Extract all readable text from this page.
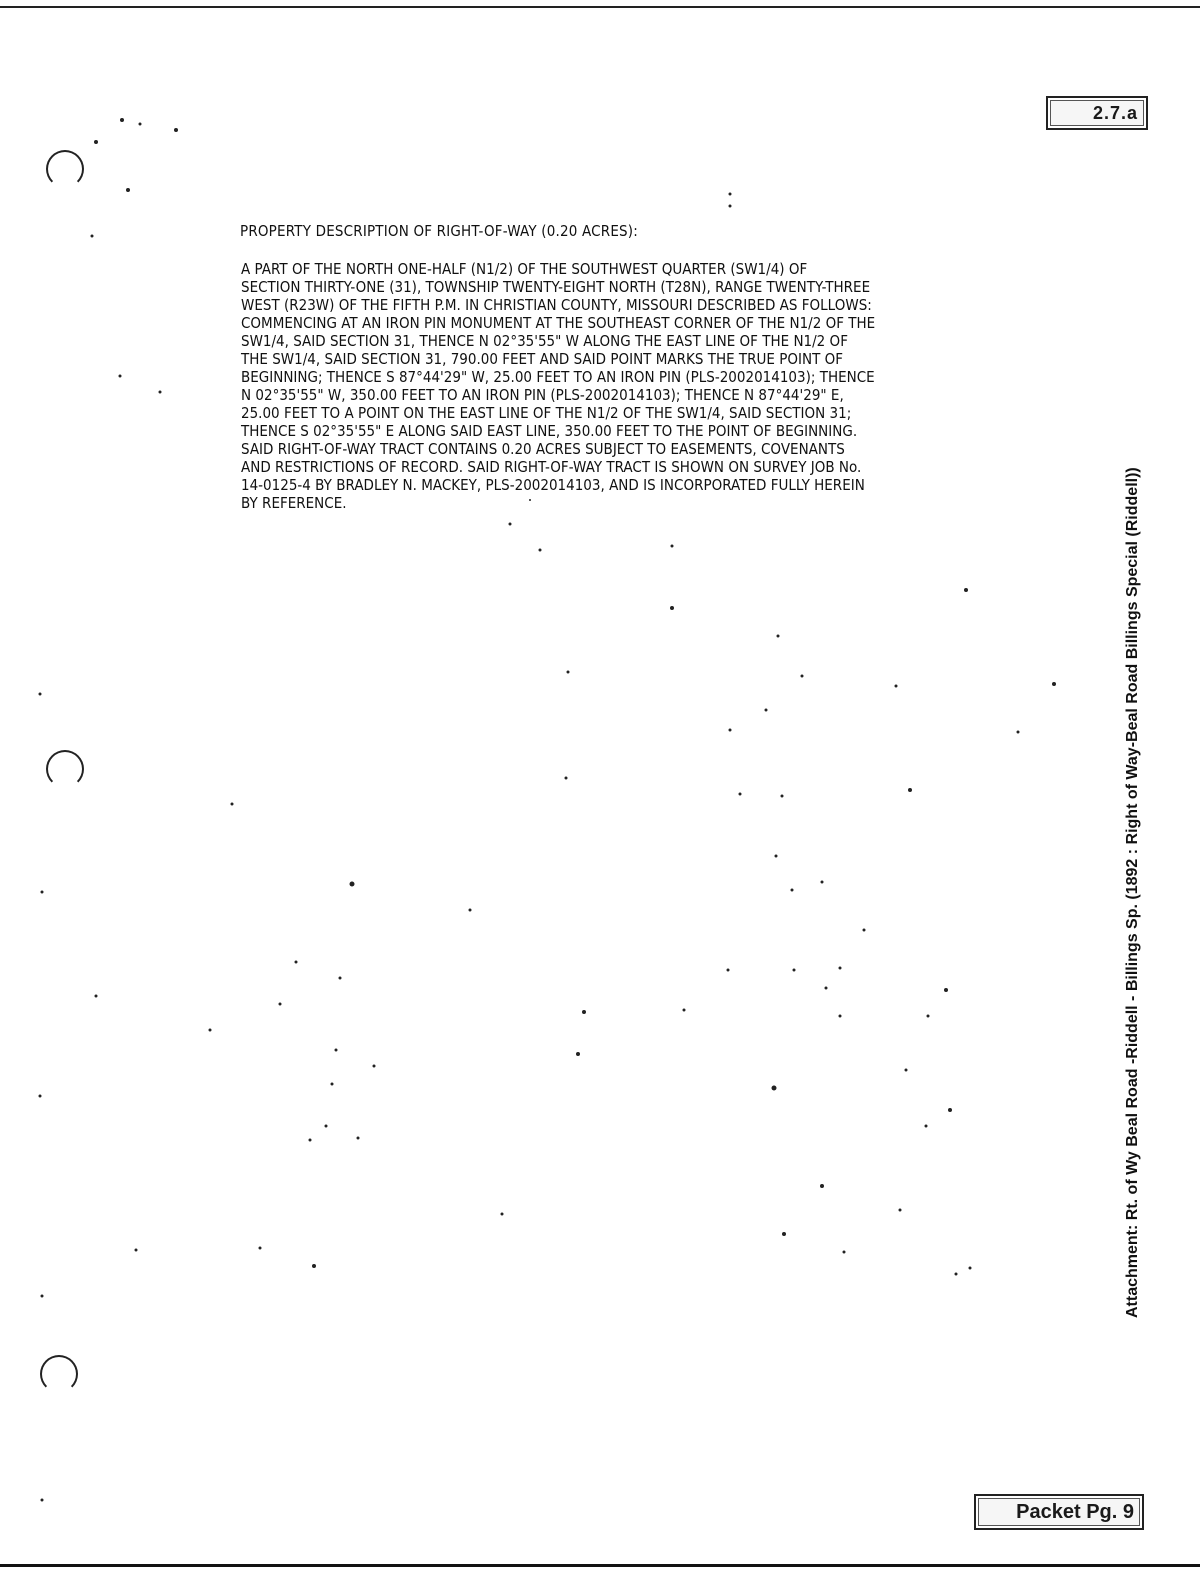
2.7.a
PROPERTY DESCRIPTION OF RIGHT-OF-WAY (0.20 ACRES):
A PART OF THE NORTH ONE-HALF (N1/2) OF THE SOUTHWEST QUARTER (SW1/4) OF
SECTION THIRTY-ONE (31), TOWNSHIP TWENTY-EIGHT NORTH (T28N), RANGE TWENTY-THREE
WEST (R23W) OF THE FIFTH P.M. IN CHRISTIAN COUNTY, MISSOURI DESCRIBED AS FOLLOWS:
COMMENCING AT AN IRON PIN MONUMENT AT THE SOUTHEAST CORNER OF THE N1/2 OF THE
SW1/4, SAID SECTION 31, THENCE N 02°35'55" W ALONG THE EAST LINE OF THE N1/2 OF
THE SW1/4, SAID SECTION 31, 790.00 FEET AND SAID POINT MARKS THE TRUE POINT OF
BEGINNING; THENCE S 87°44'29" W, 25.00 FEET TO AN IRON PIN (PLS-2002014103); THENCE
N 02°35'55" W, 350.00 FEET TO AN IRON PIN (PLS-2002014103); THENCE N 87°44'29" E,
25.00 FEET TO A POINT ON THE EAST LINE OF THE N1/2 OF THE SW1/4, SAID SECTION 31;
THENCE S 02°35'55" E ALONG SAID EAST LINE, 350.00 FEET TO THE POINT OF BEGINNING.
SAID RIGHT-OF-WAY TRACT CONTAINS 0.20 ACRES SUBJECT TO EASEMENTS, COVENANTS
AND RESTRICTIONS OF RECORD. SAID RIGHT-OF-WAY TRACT IS SHOWN ON SURVEY JOB No.
14-0125-4 BY BRADLEY N. MACKEY, PLS-2002014103, AND IS INCORPORATED FULLY HEREIN
BY REFERENCE.	Attachment: Rt. of Wy Beal Road -Riddell - Billings Sp. (1892 : Right of Way-Beal Road Billings Special (Riddell))
Packet Pg. 9
